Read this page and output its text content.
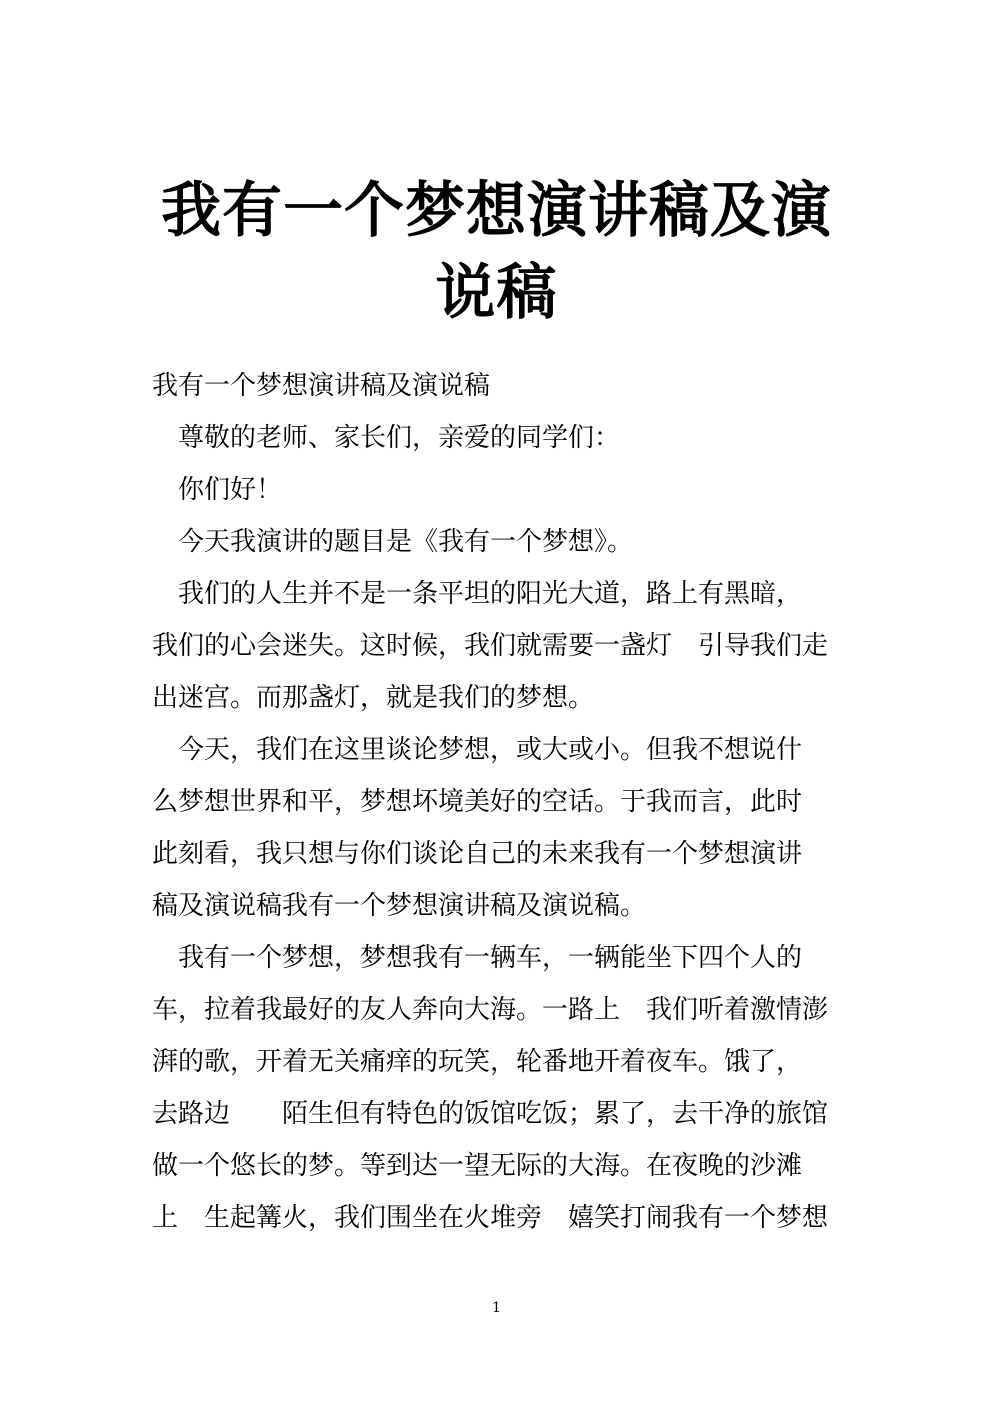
我有一个梦想演讲稿及演
说稿
我有一个梦想演讲稿及演说稿
尊敬的老师、家长们，亲爱的同学们：
你们好！
今天我演讲的题目是《我有一个梦想》。
我们的人生并不是一条平坦的阳光大道，路上有黑暗，
我们的心会迷失。这时候，我们就需要一盏灯　引导我们走
出迷宫。而那盏灯，就是我们的梦想。
今天，我们在这里谈论梦想，或大或小。但我不想说什
么梦想世界和平，梦想坏境美好的空话。于我而言，此时
此刻看，我只想与你们谈论自己的未来我有一个梦想演讲
稿及演说稿我有一个梦想演讲稿及演说稿。
我有一个梦想，梦想我有一辆车，一辆能坐下四个人的
车，拉着我最好的友人奔向大海。一路上　我们听着激情澎
湃的歌，开着无关痛痒的玩笑，轮番地开着夜车。饿了，
去路边　　陌生但有特色的饭馆吃饭；累了，去干净的旅馆
做一个悠长的梦。等到达一望无际的大海。在夜晚的沙滩
上　生起篝火，我们围坐在火堆旁　嬉笑打闹我有一个梦想
1
